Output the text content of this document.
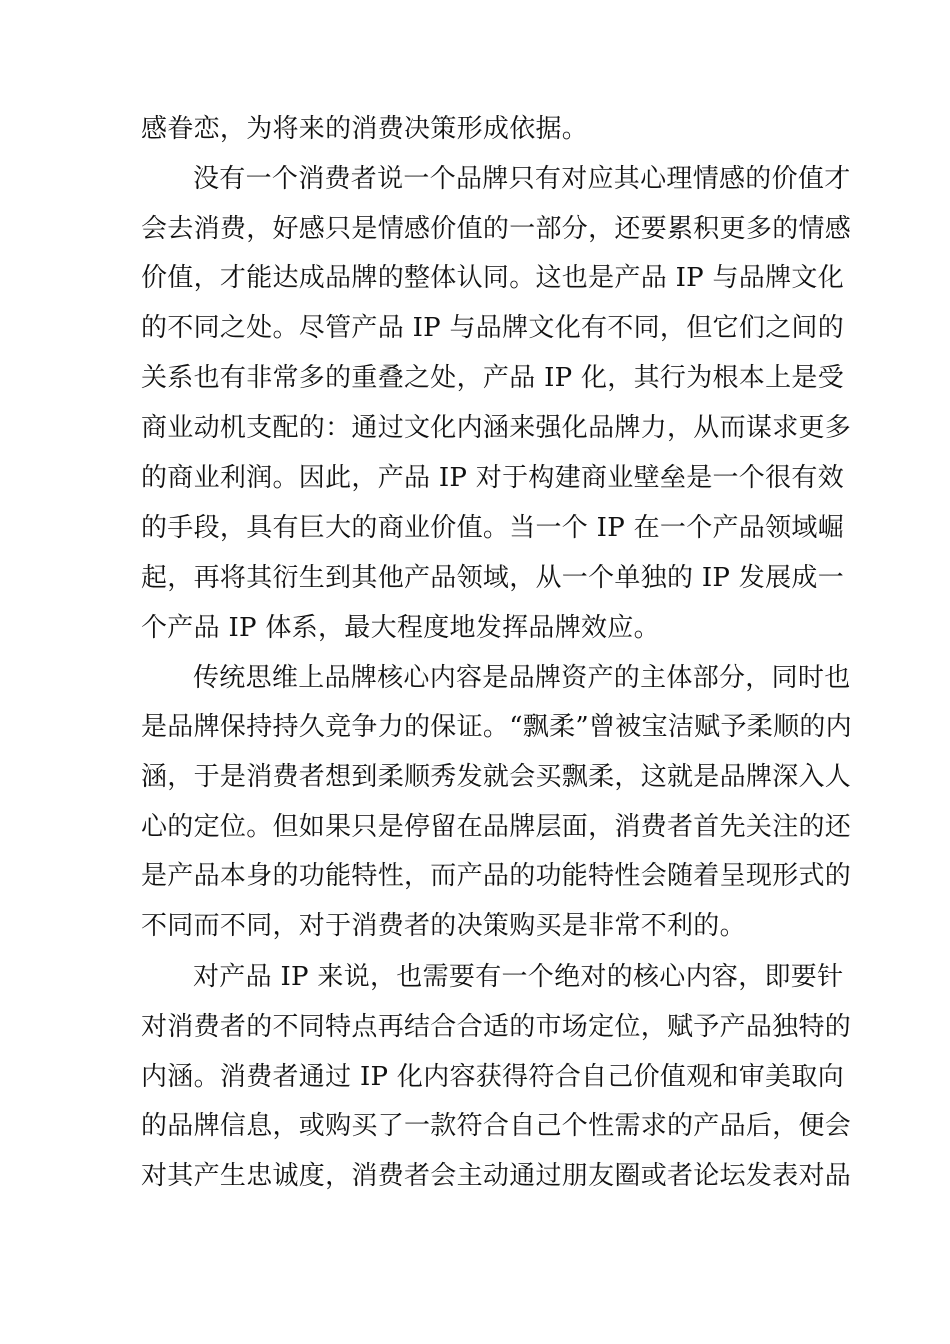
感眷恋，为将来的消费决策形成依据。
没有一个消费者说一个品牌只有对应其心理情感的价值才
会去消费，好感只是情感价值的一部分，还要累积更多的情感
价值，才能达成品牌的整体认同。这也是产品 IP 与品牌文化
的不同之处。尽管产品 IP 与品牌文化有不同，但它们之间的
关系也有非常多的重叠之处，产品 IP 化，其行为根本上是受
商业动机支配的：通过文化内涵来强化品牌力，从而谋求更多
的商业利润。因此，产品 IP 对于构建商业壁垒是一个很有效
的手段，具有巨大的商业价值。当一个 IP 在一个产品领域崛
起，再将其衍生到其他产品领域，从一个单独的 IP 发展成一
个产品 IP 体系，最大程度地发挥品牌效应。
传统思维上品牌核心内容是品牌资产的主体部分，同时也
是品牌保持持久竞争力的保证。“飘柔”曾被宝洁赋予柔顺的内
涵，于是消费者想到柔顺秀发就会买飘柔，这就是品牌深入人
心的定位。但如果只是停留在品牌层面，消费者首先关注的还
是产品本身的功能特性，而产品的功能特性会随着呈现形式的
不同而不同，对于消费者的决策购买是非常不利的。
对产品 IP 来说，也需要有一个绝对的核心内容，即要针
对消费者的不同特点再结合合适的市场定位，赋予产品独特的
内涵。消费者通过 IP 化内容获得符合自己价值观和审美取向
的品牌信息，或购买了一款符合自己个性需求的产品后，便会
对其产生忠诚度，消费者会主动通过朋友圈或者论坛发表对品
